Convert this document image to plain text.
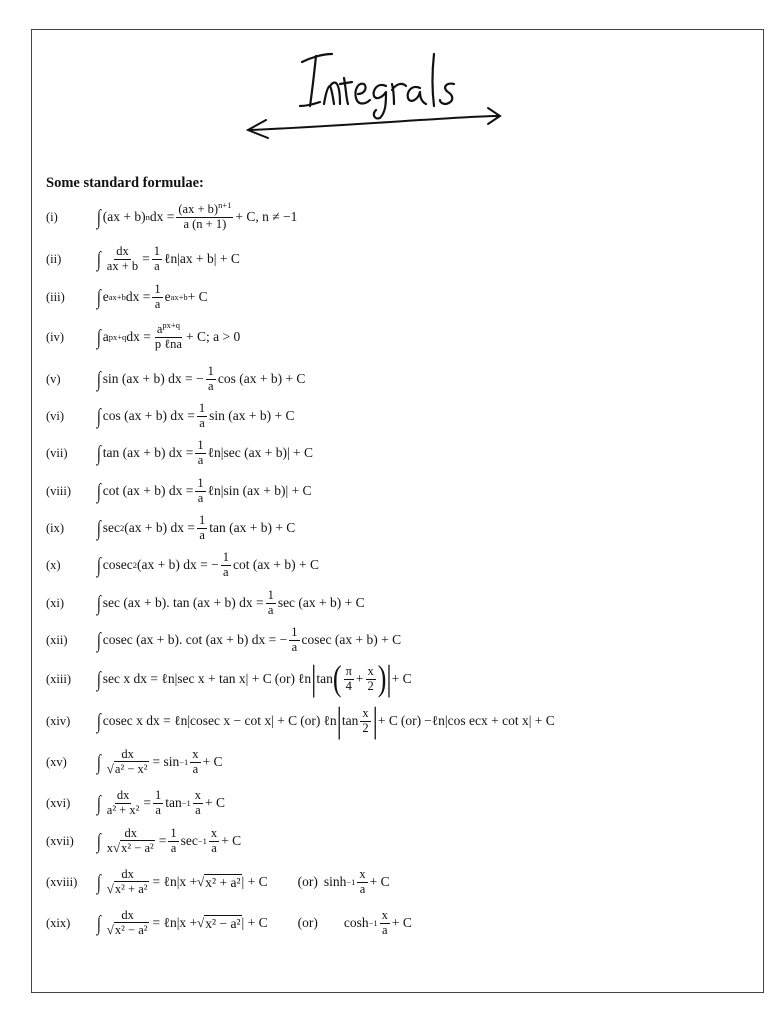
Some standard formulae:
(i)	∫ (ax + b) n dx = $\frac{(ax + b)^{n+1}}{a (n + 1)} + C$, n ≠ −1
(ii)	∫ $\frac{dx}{ax + b} = \frac{1}{a}$ ℓn|ax + b| + C
(iii)	∫ e ax+b dx = $\frac{1}{a}$ e ax+b + C
(iv)	∫ a px+q dx = $a^{px+q}$
p ℓna + C; a > 0
(v)	∫ sin (ax + b) dx = − $\frac{1}{a}$ cos (ax + b) + C
(vi)	∫ cos (ax + b) dx = $\frac{1}{a}$ sin (ax + b) + C
(vii)	∫ tan (ax + b) dx = $\frac{1}{a}$ ℓn|sec (ax + b)| + C
(viii)	∫ cot (ax + b) dx = $\frac{1}{a}$ ℓn|sin (ax + b)| + C
(ix)	∫ sec 2 (ax + b) dx = $\frac{1}{a}$ tan (ax + b) + C
(x)	∫ cosec 2 (ax + b) dx = − $\frac{1}{a}$ cot (ax + b) + C
(xi)	∫ sec (ax + b). tan (ax + b) dx = $\frac{1}{a}$ sec (ax + b) + C
(xii)	∫ cosec (ax + b). cot (ax + b) dx = − $\frac{1}{a}$ cosec (ax + b) + C
(xiii)	∫ sec x dx = ℓn|sec x + tan x| + C (or) ℓn | tan ( π
$4 + \frac{x}{2}$ ) | + C
(xiv)	∫ cosec x dx = ℓn|cosec x − cot x| + C (or) ℓn | tan x
2 | + C (or) −ℓn|cos ecx + cot x| + C
(xv)	∫ $\frac{dx}{\text{√a² − x²}} = \sin -1$
x
a + C
(xvi)	∫ $\frac{dx}{\text{a² + x²}} = \frac{1}{a}$ tan −1
x
a + C
(xvii)	∫ $\frac{dx}{\text{x√x² − a²}} = \frac{1}{a}$ sec −1
x
a + C
(xviii) ∫ $\frac{dx}{\text{√x² + a²}}$ = ℓn|x + √ x² + a² | + C (or) sinh −1
x
a + C
(xix)	∫ $\frac{dx}{\text{√x² − a²}}$ = ℓn|x + √ x² − a² | + C (or) cosh −1
x
a + C
